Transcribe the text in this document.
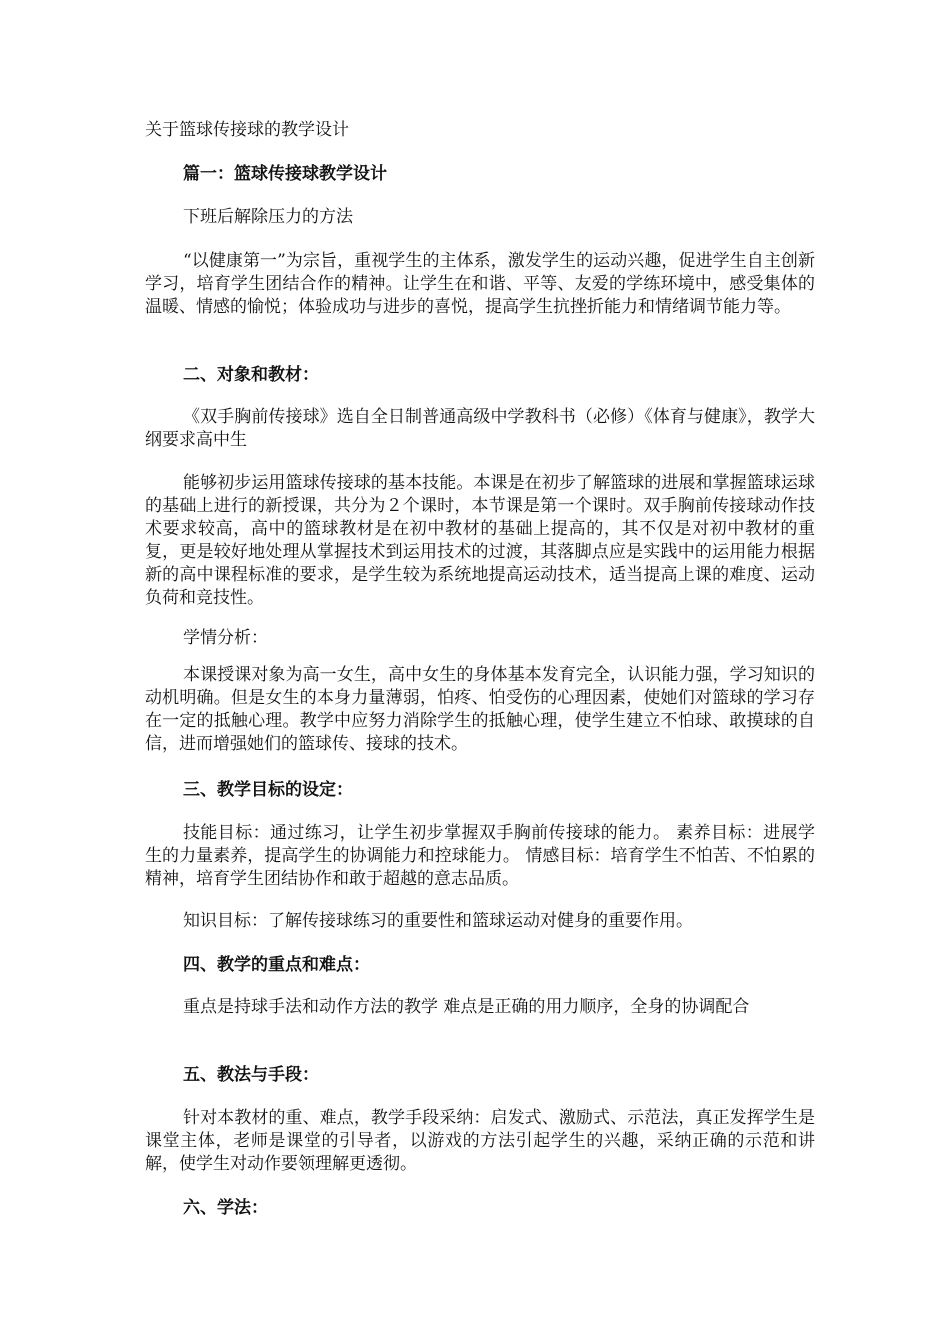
关于篮球传接球的教学设计

篇一：篮球传接球教学设计

下班后解除压力的方法

“以健康第一”为宗旨，重视学生的主体系，激发学生的运动兴趣，促进学生自主创新学习，培育学生团结合作的精神。让学生在和谐、平等、友爱的学练环境中，感受集体的温暖、情感的愉悦；体验成功与进步的喜悦，提高学生抗挫折能力和情绪调节能力等。

二、对象和教材：

《双手胸前传接球》选自全日制普通高级中学教科书（必修）《体育与健康》，教学大纲要求高中生

能够初步运用篮球传接球的基本技能。本课是在初步了解篮球的进展和掌握篮球运球的基础上进行的新授课，共分为２个课时，本节课是第一个课时。双手胸前传接球动作技术要求较高，高中的篮球教材是在初中教材的基础上提高的，其不仅是对初中教材的重复，更是较好地处理从掌握技术到运用技术的过渡，其落脚点应是实践中的运用能力根据新的高中课程标准的要求，是学生较为系统地提高运动技术，适当提高上课的难度、运动负荷和竞技性。

学情分析：

本课授课对象为高一女生，高中女生的身体基本发育完全，认识能力强，学习知识的动机明确。但是女生的本身力量薄弱，怕疼、怕受伤的心理因素，使她们对篮球的学习存在一定的抵触心理。教学中应努力消除学生的抵触心理，使学生建立不怕球、敢摸球的自信，进而增强她们的篮球传、接球的技术。

三、教学目标的设定：

技能目标：通过练习，让学生初步掌握双手胸前传接球的能力。 素养目标：进展学生的力量素养，提高学生的协调能力和控球能力。 情感目标：培育学生不怕苦、不怕累的精神，培育学生团结协作和敢于超越的意志品质。

知识目标：了解传接球练习的重要性和篮球运动对健身的重要作用。

四、教学的重点和难点：

重点是持球手法和动作方法的教学 难点是正确的用力顺序，全身的协调配合

五、教法与手段：

针对本教材的重、难点，教学手段采纳：启发式、激励式、示范法，真正发挥学生是课堂主体，老师是课堂的引导者，以游戏的方法引起学生的兴趣，采纳正确的示范和讲解，使学生对动作要领理解更透彻。

六、学法：
